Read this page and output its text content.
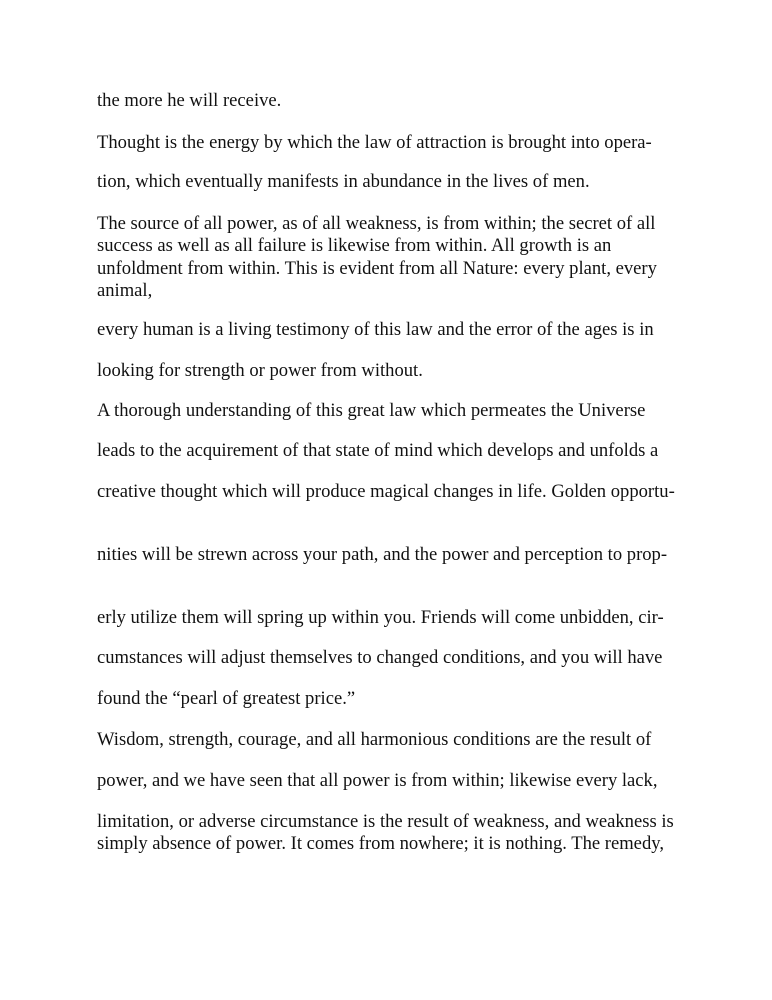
the more he will receive.

Thought is the energy by which the law of attraction is brought into opera-

tion, which eventually manifests in abundance in the lives of men.

The source of all power, as of all weakness, is from within; the secret of all success as well as all failure is likewise from within. All growth is an unfoldment from within. This is evident from all Nature: every plant, every animal,

every human is a living testimony of this law and the error of the ages is in

looking for strength or power from without.

A thorough understanding of this great law which permeates the Universe

leads to the acquirement of that state of mind which develops and unfolds a

creative thought which will produce magical changes in life. Golden opportu-

nities will be strewn across your path, and the power and perception to prop-

erly utilize them will spring up within you. Friends will come unbidden, cir-

cumstances will adjust themselves to changed conditions, and you will have

found the “pearl of greatest price.”

Wisdom, strength, courage, and all harmonious conditions are the result of

power, and we have seen that all power is from within; likewise every lack,

limitation, or adverse circumstance is the result of weakness, and weakness is simply absence of power. It comes from nowhere; it is nothing. The remedy,
